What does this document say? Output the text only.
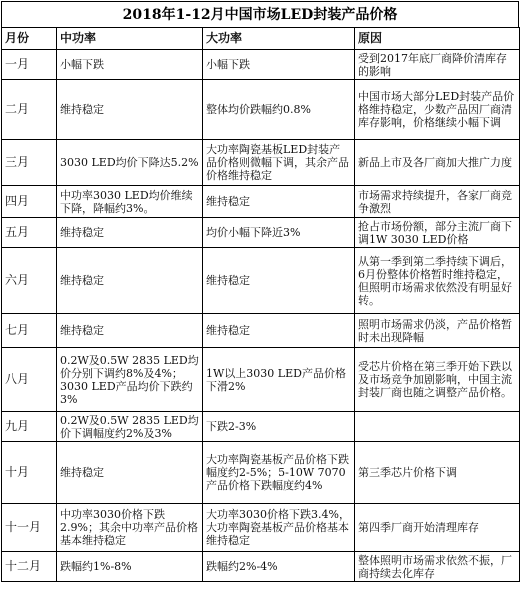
2018年1-12月中国市场LED封装产品价格
月份	中功率	大功率	原因
一月	小幅下跌	小幅下跌	受到2017年底厂商降价清库存的影响
二月	维持稳定	整体均价跌幅约0.8%	中国市场大部分LED封装产品价格维持稳定，少数产品因厂商清库存影响，价格继续小幅下调
三月	3030 LED均价下降达5.2%	大功率陶瓷基板LED封装产品价格则微幅下调，其余产品价格维持稳定	新品上市及各厂商加大推广力度
四月	中功率3030 LED均价维续下降，降幅约3%。	维持稳定	市场需求持续提升，各家厂商竞争激烈
五月	维持稳定	均价小幅下降近3%	抢占市场份额，部分主流厂商下调1W 3030 LED价格
六月	维持稳定	维持稳定	从第一季到第二季持续下调后，6月份整体价格暂时维持稳定，但照明市场需求依然没有明显好转。
七月	维持稳定	维持稳定	照明市场需求仍淡，产品价格暂时未出现降幅
八月	0.2W及0.5W 2835 LED均价分别下调约8%及4%；3030 LED产品均价下跌约3%	1W以上3030 LED产品价格下滑2%	受芯片价格在第三季开始下跌以及市场竞争加剧影响，中国主流封装厂商也随之调整产品价格。
九月	0.2W及0.5W 2835 LED均价下调幅度约2%及3%	下跌2-3%	
十月	维持稳定	大功率陶瓷基板产品价格下跌幅度约2-5%；5-10W 7070产品价格下跌幅度约4%	第三季芯片价格下调
十一月	中功率3030价格下跌2.9%；其余中功率产品价格基本维持稳定	大功率3030价格下跌3.4%，大功率陶瓷基板产品价格基本维持稳定	第四季厂商开始清理库存
十二月	跌幅约1%-8%	跌幅约2%-4%	整体照明市场需求依然不振，厂商持续去化库存
